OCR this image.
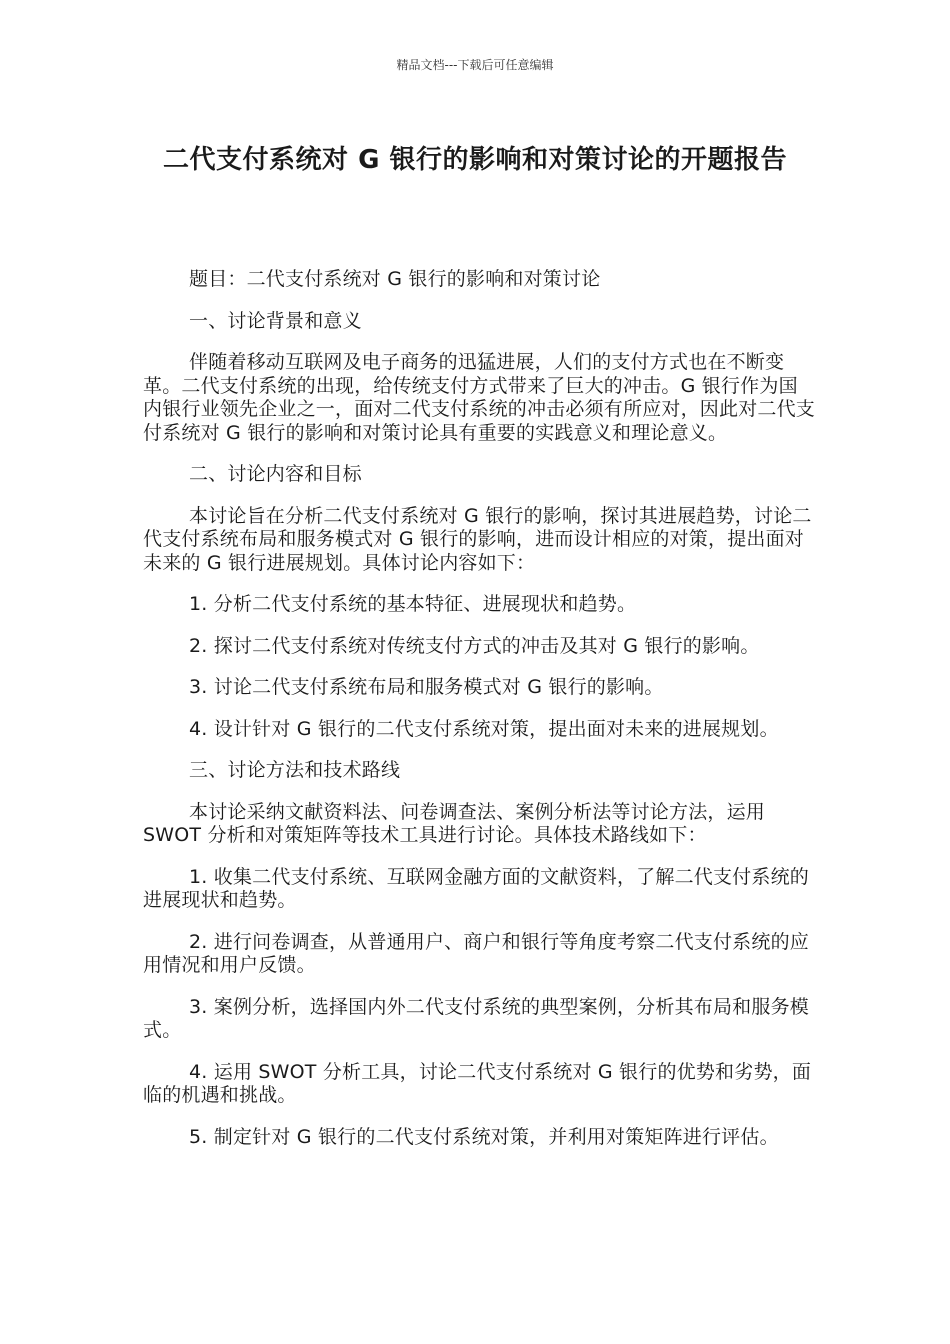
精品文档---下载后可任意编辑
二代支付系统对 G 银行的影响和对策讨论的开题报告

题目：二代支付系统对 G 银行的影响和对策讨论

一、讨论背景和意义

伴随着移动互联网及电子商务的迅猛进展，人们的支付方式也在不断变革。二代支付系统的出现，给传统支付方式带来了巨大的冲击。G 银行作为国内银行业领先企业之一，面对二代支付系统的冲击必须有所应对，因此对二代支付系统对 G 银行的影响和对策讨论具有重要的实践意义和理论意义。

二、讨论内容和目标

本讨论旨在分析二代支付系统对 G 银行的影响，探讨其进展趋势，讨论二代支付系统布局和服务模式对 G 银行的影响，进而设计相应的对策，提出面对未来的 G 银行进展规划。具体讨论内容如下：

1. 分析二代支付系统的基本特征、进展现状和趋势。

2. 探讨二代支付系统对传统支付方式的冲击及其对 G 银行的影响。

3. 讨论二代支付系统布局和服务模式对 G 银行的影响。

4. 设计针对 G 银行的二代支付系统对策，提出面对未来的进展规划。

三、讨论方法和技术路线

本讨论采纳文献资料法、问卷调查法、案例分析法等讨论方法，运用 SWOT 分析和对策矩阵等技术工具进行讨论。具体技术路线如下：

1. 收集二代支付系统、互联网金融方面的文献资料，了解二代支付系统的进展现状和趋势。

2. 进行问卷调查，从普通用户、商户和银行等角度考察二代支付系统的应用情况和用户反馈。

3. 案例分析，选择国内外二代支付系统的典型案例，分析其布局和服务模式。

4. 运用 SWOT 分析工具，讨论二代支付系统对 G 银行的优势和劣势，面临的机遇和挑战。

5. 制定针对 G 银行的二代支付系统对策，并利用对策矩阵进行评估。
